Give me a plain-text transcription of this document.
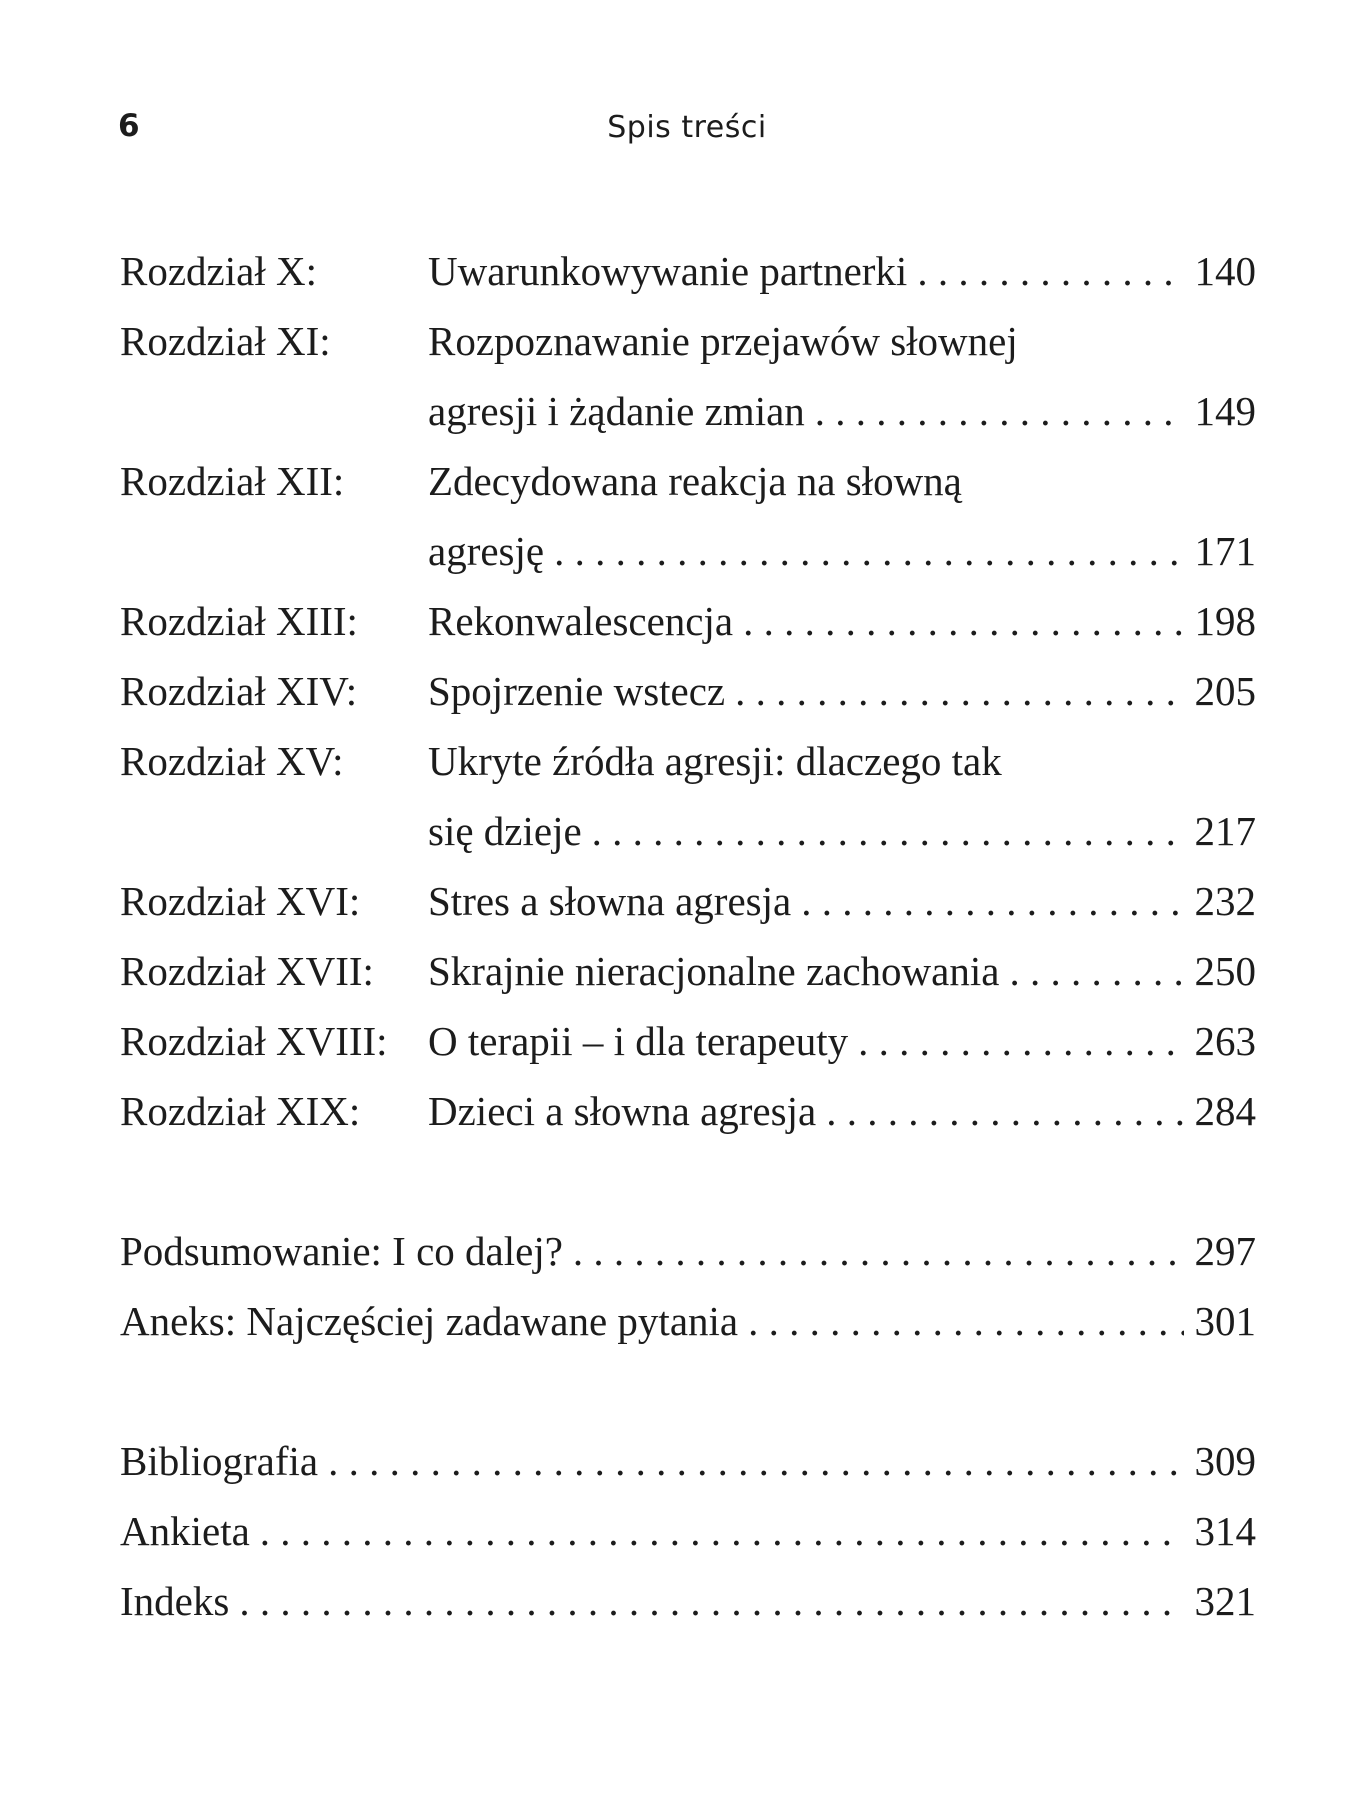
6	Spis treści
Rozdział X:	Uwarunkowywanie partnerki . . .	140
Rozdział XI:	Rozpoznawanie przejawów słownej
agresji i żądanie zmian . . .	149
Rozdział XII:	Zdecydowana reakcja na słowną
agresję . . .	171
Rozdział XIII:	Rekonwalescencja . . .	198
Rozdział XIV:	Spojrzenie wstecz . . .	205
Rozdział XV:	Ukryte źródła agresji: dlaczego tak
się dzieje . . .	217
Rozdział XVI:	Stres a słowna agresja . . .	232
Rozdział XVII:	Skrajnie nieracjonalne zachowania . . .	250
Rozdział XVIII: O terapii – i dla terapeuty . . .	263
Rozdział XIX:	Dzieci a słowna agresja . . .	284
Podsumowanie: I co dalej? . . .	297
Aneks: Najczęściej zadawane pytania . . .	301
Bibliografia . . .	309
Ankieta . . .	314
Indeks . . .	321
